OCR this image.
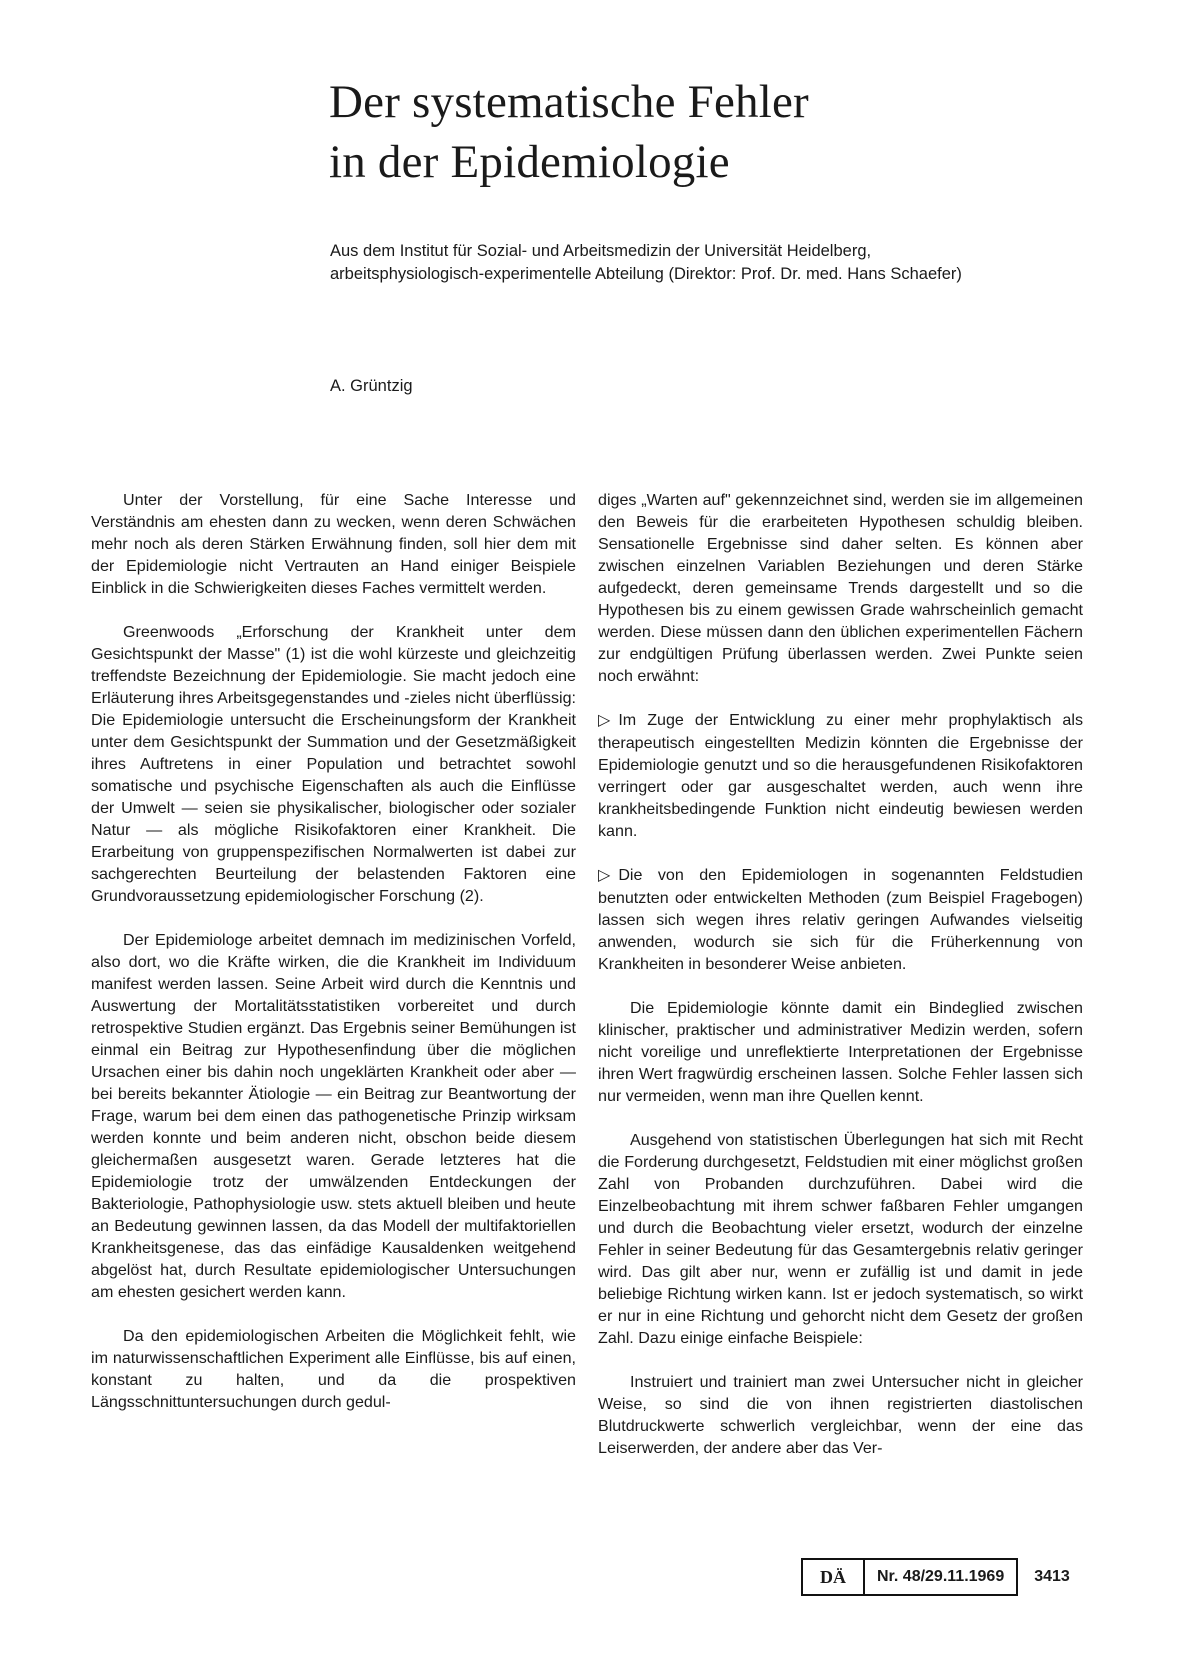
Der systematische Fehler
in der Epidemiologie
Aus dem Institut für Sozial- und Arbeitsmedizin der Universität Heidelberg,
arbeitsphysiologisch-experimentelle Abteilung (Direktor: Prof. Dr. med. Hans Schaefer)
A. Grüntzig

Unter der Vorstellung, für eine Sache Interesse und Verständnis am ehesten dann zu wecken, wenn deren Schwächen mehr noch als deren Stärken Erwähnung finden, soll hier dem mit der Epidemiologie nicht Vertrauten an Hand einiger Beispiele Einblick in die Schwierigkeiten dieses Faches vermittelt werden.

Greenwoods „Erforschung der Krankheit unter dem Gesichtspunkt der Masse" (1) ist die wohl kürzeste und gleichzeitig treffendste Bezeichnung der Epidemiologie. Sie macht jedoch eine Erläuterung ihres Arbeitsgegenstandes und -zieles nicht überflüssig: Die Epidemiologie untersucht die Erscheinungsform der Krankheit unter dem Gesichtspunkt der Summation und der Gesetzmäßigkeit ihres Auftretens in einer Population und betrachtet sowohl somatische und psychische Eigenschaften als auch die Einflüsse der Umwelt — seien sie physikalischer, biologischer oder sozialer Natur — als mögliche Risikofaktoren einer Krankheit. Die Erarbeitung von gruppenspezifischen Normalwerten ist dabei zur sachgerechten Beurteilung der belastenden Faktoren eine Grundvoraussetzung epidemiologischer Forschung (2).

Der Epidemiologe arbeitet demnach im medizinischen Vorfeld, also dort, wo die Kräfte wirken, die die Krankheit im Individuum manifest werden lassen. Seine Arbeit wird durch die Kenntnis und Auswertung der Mortalitätsstatistiken vorbereitet und durch retrospektive Studien ergänzt. Das Ergebnis seiner Bemühungen ist einmal ein Beitrag zur Hypothesenfindung über die möglichen Ursachen einer bis dahin noch ungeklärten Krankheit oder aber — bei bereits bekannter Ätiologie — ein Beitrag zur Beantwortung der Frage, warum bei dem einen das pathogenetische Prinzip wirksam werden konnte und beim anderen nicht, obschon beide diesem gleichermaßen ausgesetzt waren. Gerade letzteres hat die Epidemiologie trotz der umwälzenden Entdeckungen der Bakteriologie, Pathophysiologie usw. stets aktuell bleiben und heute an Bedeutung gewinnen lassen, da das Modell der multifaktoriellen Krankheitsgenese, das das einfädige Kausaldenken weitgehend abgelöst hat, durch Resultate epidemiologischer Untersuchungen am ehesten gesichert werden kann.

Da den epidemiologischen Arbeiten die Möglichkeit fehlt, wie im naturwissenschaftlichen Experiment alle Einflüsse, bis auf einen, konstant zu halten, und da die prospektiven Längsschnittuntersuchungen durch gedul-

diges „Warten auf" gekennzeichnet sind, werden sie im allgemeinen den Beweis für die erarbeiteten Hypothesen schuldig bleiben. Sensationelle Ergebnisse sind daher selten. Es können aber zwischen einzelnen Variablen Beziehungen und deren Stärke aufgedeckt, deren gemeinsame Trends dargestellt und so die Hypothesen bis zu einem gewissen Grade wahrscheinlich gemacht werden. Diese müssen dann den üblichen experimentellen Fächern zur endgültigen Prüfung überlassen werden. Zwei Punkte seien noch erwähnt:

▷ Im Zuge der Entwicklung zu einer mehr prophylaktisch als therapeutisch eingestellten Medizin könnten die Ergebnisse der Epidemiologie genutzt und so die herausgefundenen Risikofaktoren verringert oder gar ausgeschaltet werden, auch wenn ihre krankheitsbedingende Funktion nicht eindeutig bewiesen werden kann.

▷ Die von den Epidemiologen in sogenannten Feldstudien benutzten oder entwickelten Methoden (zum Beispiel Fragebogen) lassen sich wegen ihres relativ geringen Aufwandes vielseitig anwenden, wodurch sie sich für die Früherkennung von Krankheiten in besonderer Weise anbieten.

Die Epidemiologie könnte damit ein Bindeglied zwischen klinischer, praktischer und administrativer Medizin werden, sofern nicht voreilige und unreflektierte Interpretationen der Ergebnisse ihren Wert fragwürdig erscheinen lassen. Solche Fehler lassen sich nur vermeiden, wenn man ihre Quellen kennt.

Ausgehend von statistischen Überlegungen hat sich mit Recht die Forderung durchgesetzt, Feldstudien mit einer möglichst großen Zahl von Probanden durchzuführen. Dabei wird die Einzelbeobachtung mit ihrem schwer faßbaren Fehler umgangen und durch die Beobachtung vieler ersetzt, wodurch der einzelne Fehler in seiner Bedeutung für das Gesamtergebnis relativ geringer wird. Das gilt aber nur, wenn er zufällig ist und damit in jede beliebige Richtung wirken kann. Ist er jedoch systematisch, so wirkt er nur in eine Richtung und gehorcht nicht dem Gesetz der großen Zahl. Dazu einige einfache Beispiele:

Instruiert und trainiert man zwei Untersucher nicht in gleicher Weise, so sind die von ihnen registrierten diastolischen Blutdruckwerte schwerlich vergleichbar, wenn der eine das Leiserwerden, der andere aber das Ver-

DÄ	Nr. 48/29.11.1969	3413
